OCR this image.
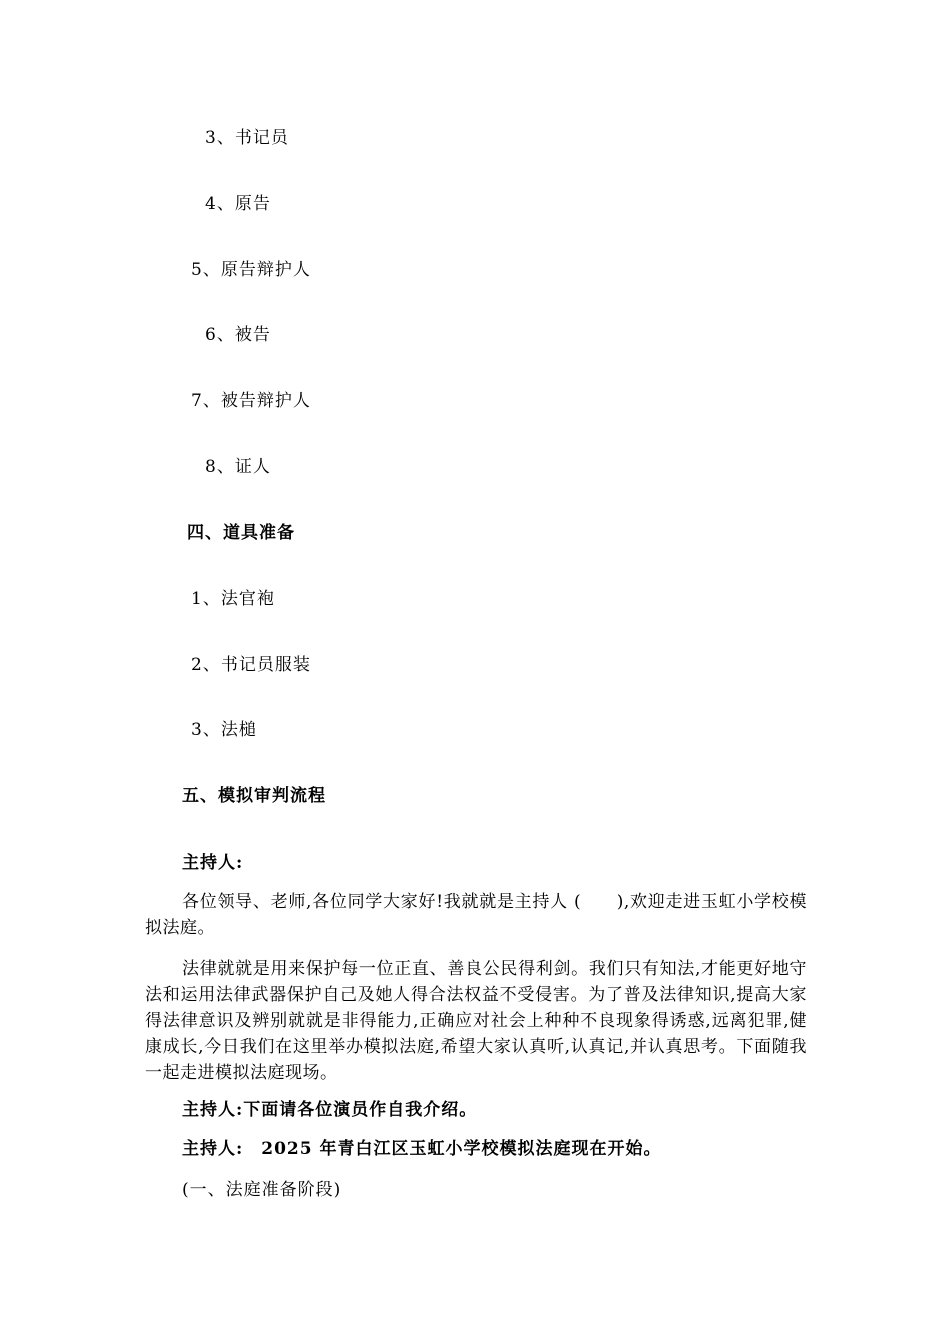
3、书记员
4、原告
5、原告辩护人
6、被告
7、被告辩护人
8、证人
四、道具准备
1、法官袍
2、书记员服装
3、法槌
五、模拟审判流程
主持人:
各位领导、老师,各位同学大家好!我就就是主持人 (　　),欢迎走进玉虹小学校模拟法庭。
法律就就是用来保护每一位正直、善良公民得利剑。我们只有知法,才能更好地守法和运用法律武器保护自己及她人得合法权益不受侵害。为了普及法律知识,提高大家得法律意识及辨别就就是非得能力,正确应对社会上种种不良现象得诱惑,远离犯罪,健康成长,今日我们在这里举办模拟法庭,希望大家认真听,认真记,并认真思考。下面随我一起走进模拟法庭现场。
主持人:下面请各位演员作自我介绍。
主持人:　2025 年青白江区玉虹小学校模拟法庭现在开始。
(一、法庭准备阶段)
